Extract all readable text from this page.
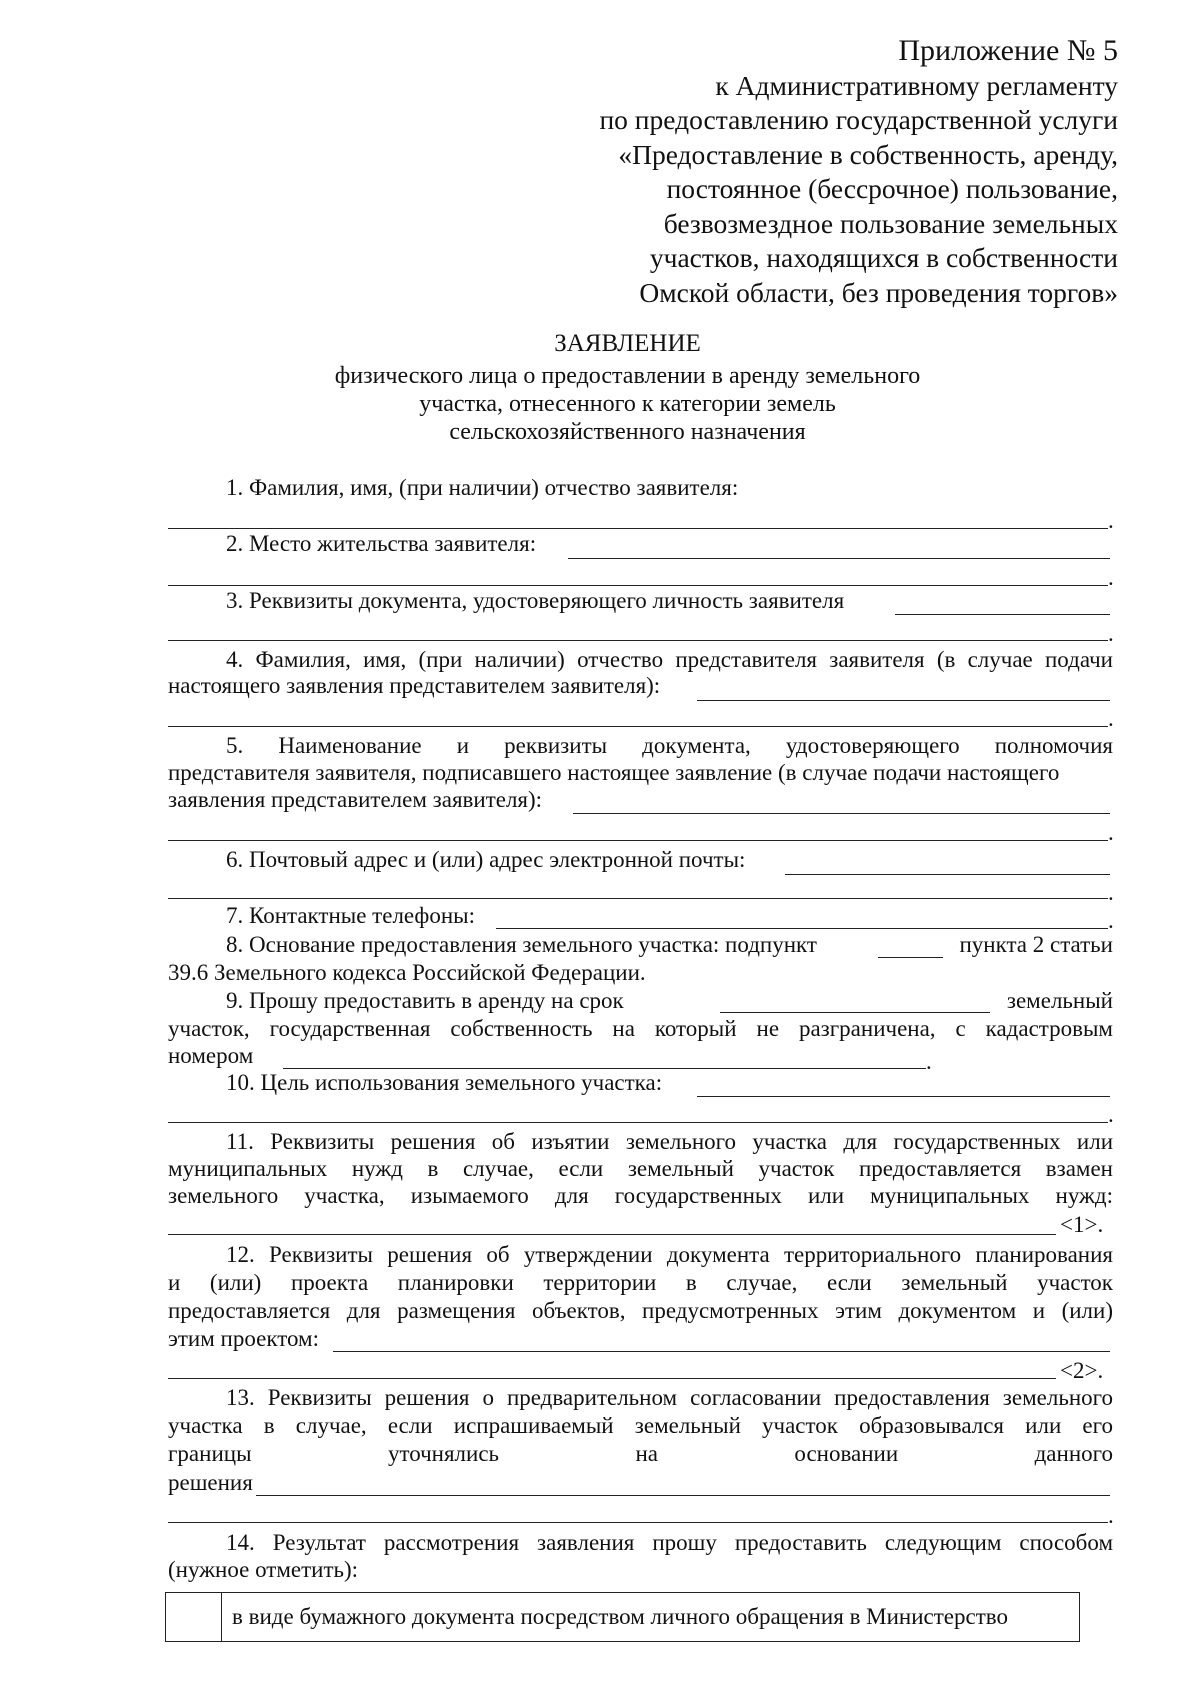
Приложение № 5
к Административному регламенту
по предоставлению государственной услуги
«Предоставление в собственность, аренду,
постоянное (бессрочное) пользование,
безвозмездное пользование земельных
участков, находящихся в собственности
Омской области, без проведения торгов»
ЗАЯВЛЕНИЕ
физического лица о предоставлении в аренду земельного
участка, отнесенного к категории земель
сельскохозяйственного назначения
1. Фамилия, имя, (при наличии) отчество заявителя:
.
2. Место жительства заявителя:
.
3. Реквизиты документа, удостоверяющего личность заявителя
.
4. Фамилия, имя, (при наличии) отчество представителя заявителя (в случае подачи
настоящего заявления представителем заявителя):
.
5. Наименование и реквизиты документа, удостоверяющего полномочия
представителя заявителя, подписавшего настоящее заявление (в случае подачи настоящего
заявления представителем заявителя):
.
6. Почтовый адрес и (или) адрес электронной почты:
.
7. Контактные телефоны:	.
8. Основание предоставления земельного участка: подпункт	пункта 2 статьи
39.6 Земельного кодекса Российской Федерации.
9. Прошу предоставить в аренду на срок	земельный
участок, государственная собственность на который не разграничена, с кадастровым
номером	.
10. Цель использования земельного участка:
.
11. Реквизиты решения об изъятии земельного участка для государственных или
муниципальных нужд в случае, если земельный участок предоставляется взамен
земельного участка, изымаемого для государственных или муниципальных нужд:
<1>.
12. Реквизиты решения об утверждении документа территориального планирования
и (или) проекта планировки территории в случае, если земельный участок
предоставляется для размещения объектов, предусмотренных этим документом и (или)
этим проектом:
<2>.
13. Реквизиты решения о предварительном согласовании предоставления земельного
участка в случае, если испрашиваемый земельный участок образовывался или его
границы уточнялись на основании данного
решения
.
14. Результат рассмотрения заявления прошу предоставить следующим способом
(нужное отметить):
в виде бумажного документа посредством личного обращения в Министерство
